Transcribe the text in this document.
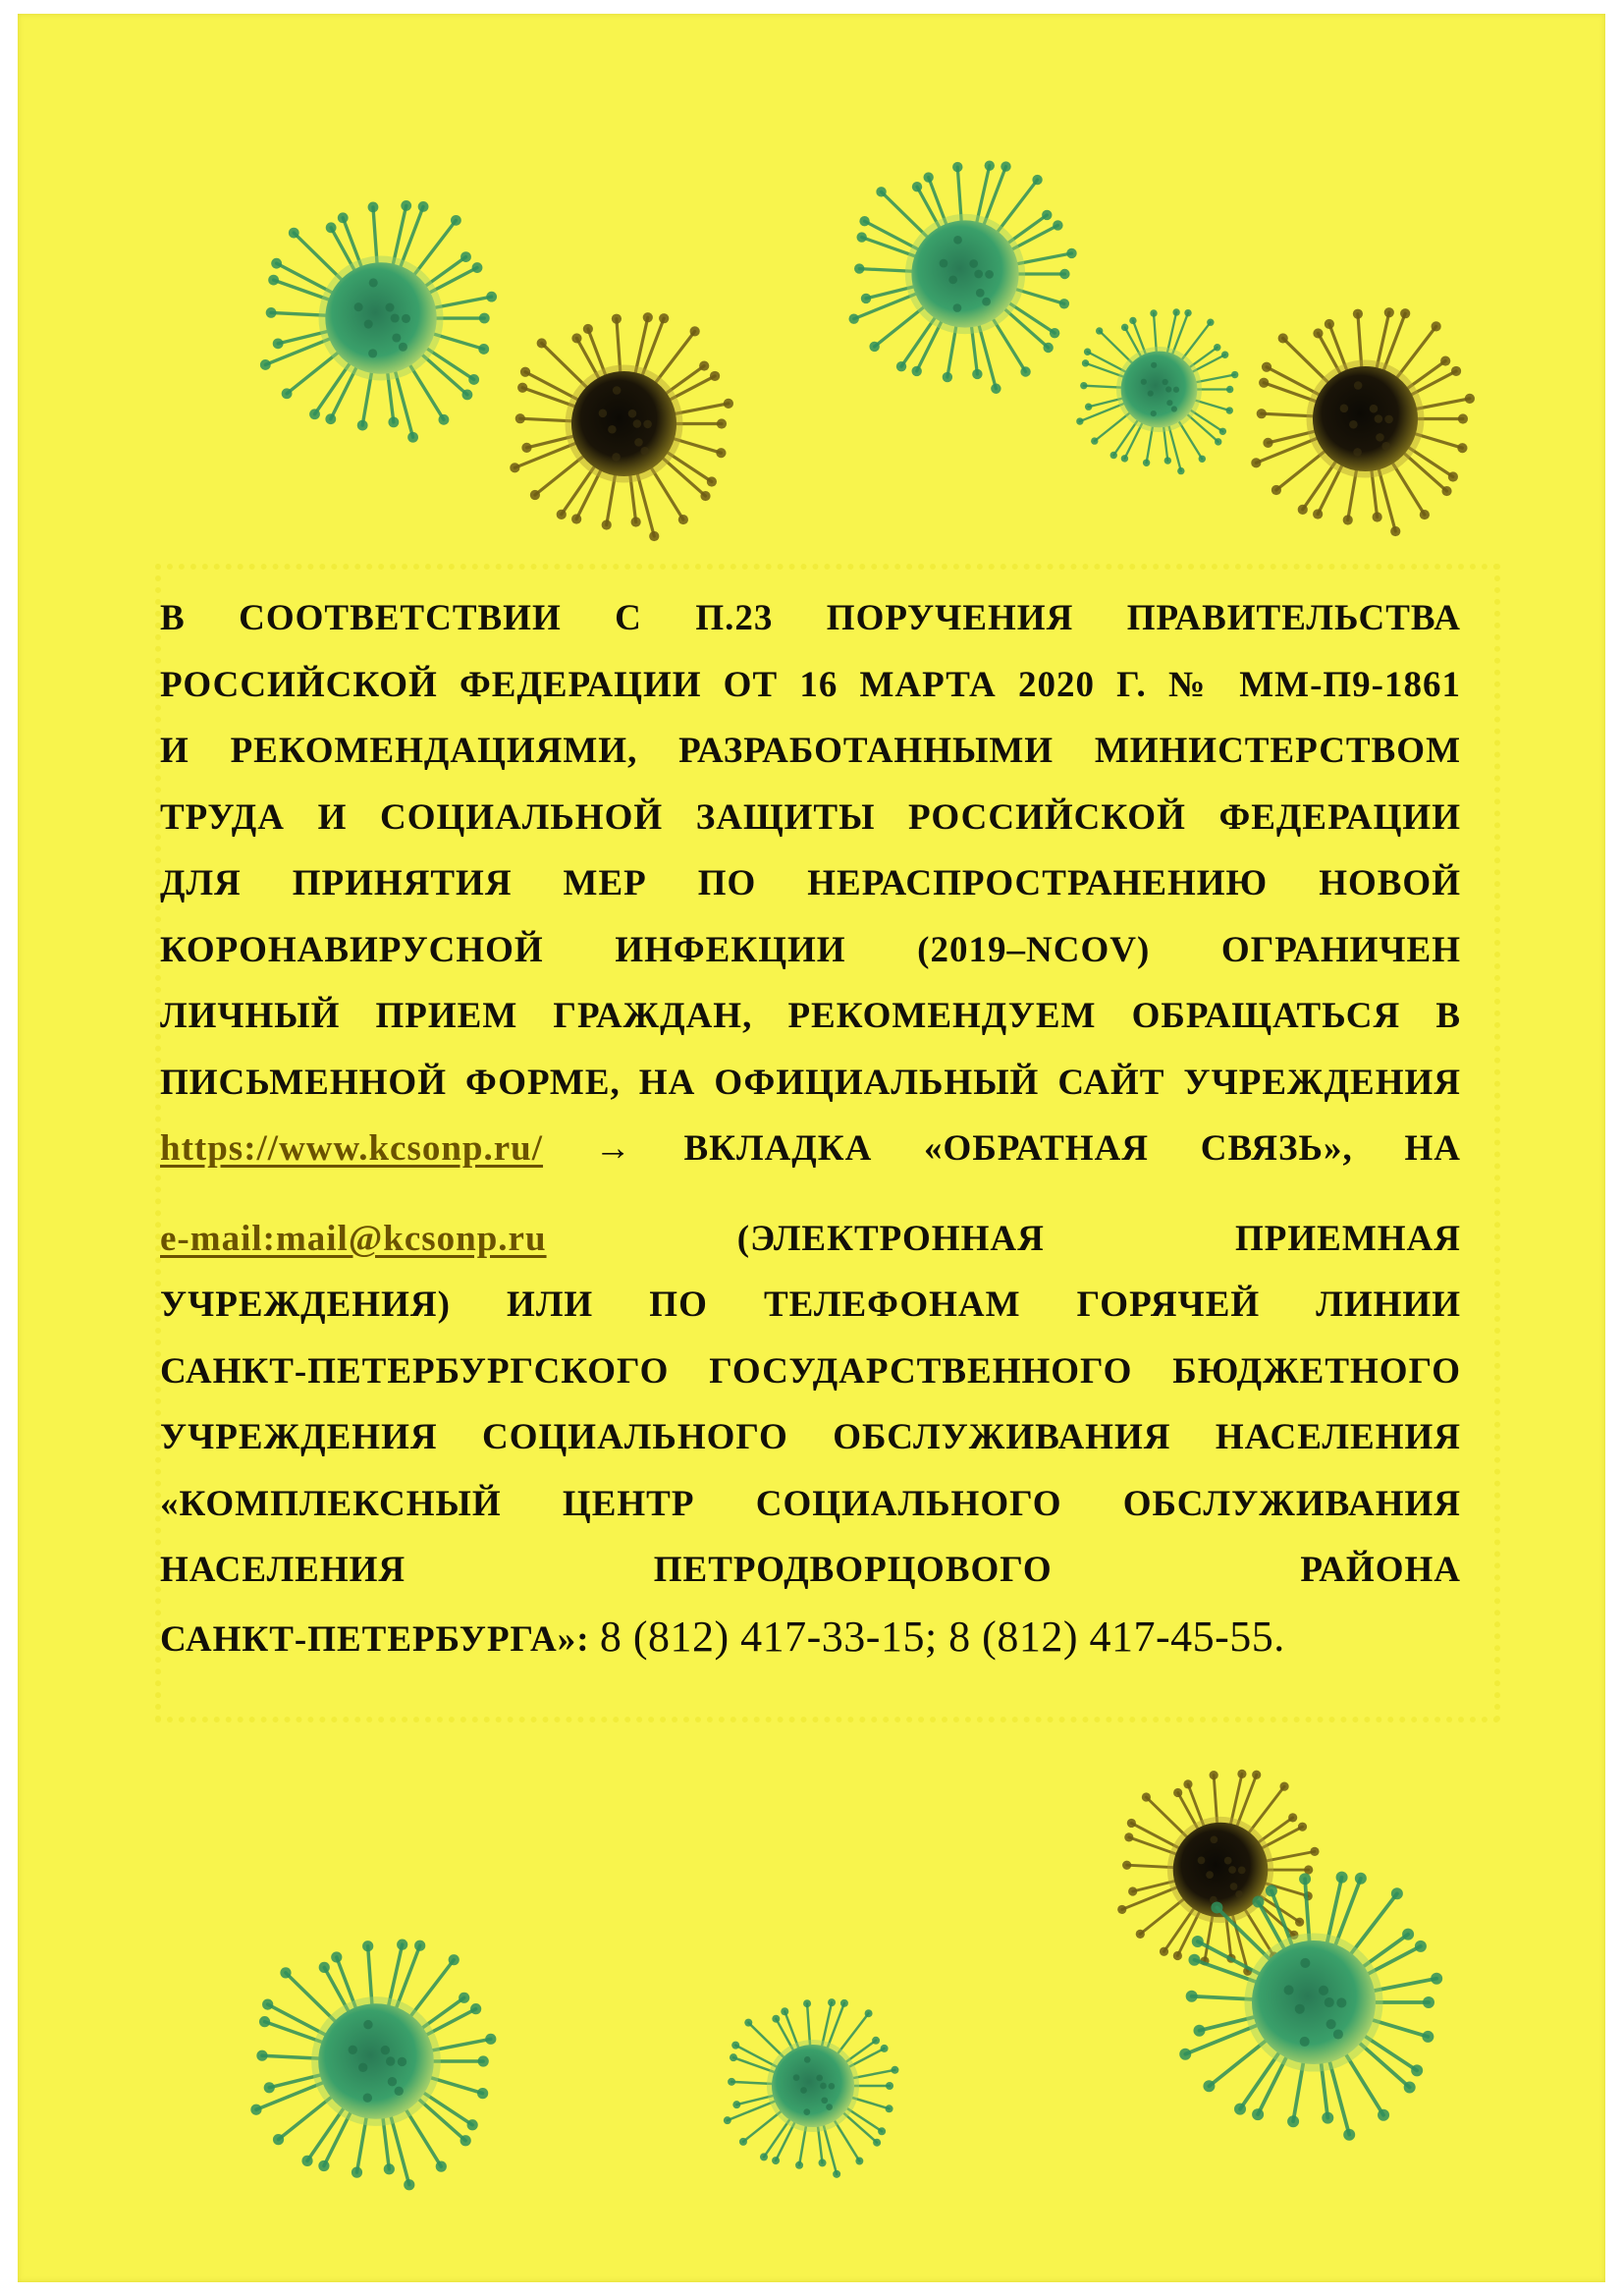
В СООТВЕТСТВИИ С П.23 ПОРУЧЕНИЯ ПРАВИТЕЛЬСТВА
РОССИЙСКОЙ ФЕДЕРАЦИИ ОТ 16 МАРТА 2020 Г. № ММ-П9-1861
И РЕКОМЕНДАЦИЯМИ, РАЗРАБОТАННЫМИ МИНИСТЕРСТВОМ
ТРУДА И СОЦИАЛЬНОЙ ЗАЩИТЫ РОССИЙСКОЙ ФЕДЕРАЦИИ
ДЛЯ ПРИНЯТИЯ МЕР ПО НЕРАСПРОСТРАНЕНИЮ НОВОЙ
КОРОНАВИРУСНОЙ ИНФЕКЦИИ (2019–NCOV) ОГРАНИЧЕН
ЛИЧНЫЙ ПРИЕМ ГРАЖДАН, РЕКОМЕНДУЕМ ОБРАЩАТЬСЯ В
ПИСЬМЕННОЙ ФОРМЕ, НА ОФИЦИАЛЬНЫЙ САЙТ УЧРЕЖДЕНИЯ
https://www.kcsonp.ru/ → ВКЛАДКА «ОБРАТНАЯ СВЯЗЬ», НА
e-mail:mail@kcsonp.ru	(ЭЛЕКТРОННАЯ	ПРИЕМНАЯ
УЧРЕЖДЕНИЯ) ИЛИ ПО ТЕЛЕФОНАМ ГОРЯЧЕЙ ЛИНИИ
САНКТ-ПЕТЕРБУРГСКОГО ГОСУДАРСТВЕННОГО БЮДЖЕТНОГО
УЧРЕЖДЕНИЯ СОЦИАЛЬНОГО ОБСЛУЖИВАНИЯ НАСЕЛЕНИЯ
«КОМПЛЕКСНЫЙ ЦЕНТР СОЦИАЛЬНОГО ОБСЛУЖИВАНИЯ
НАСЕЛЕНИЯ ПЕТРОДВОРЦОВОГО РАЙОНА
САНКТ-ПЕТЕРБУРГА»: 8 (812) 417-33-15; 8 (812) 417-45-55.
